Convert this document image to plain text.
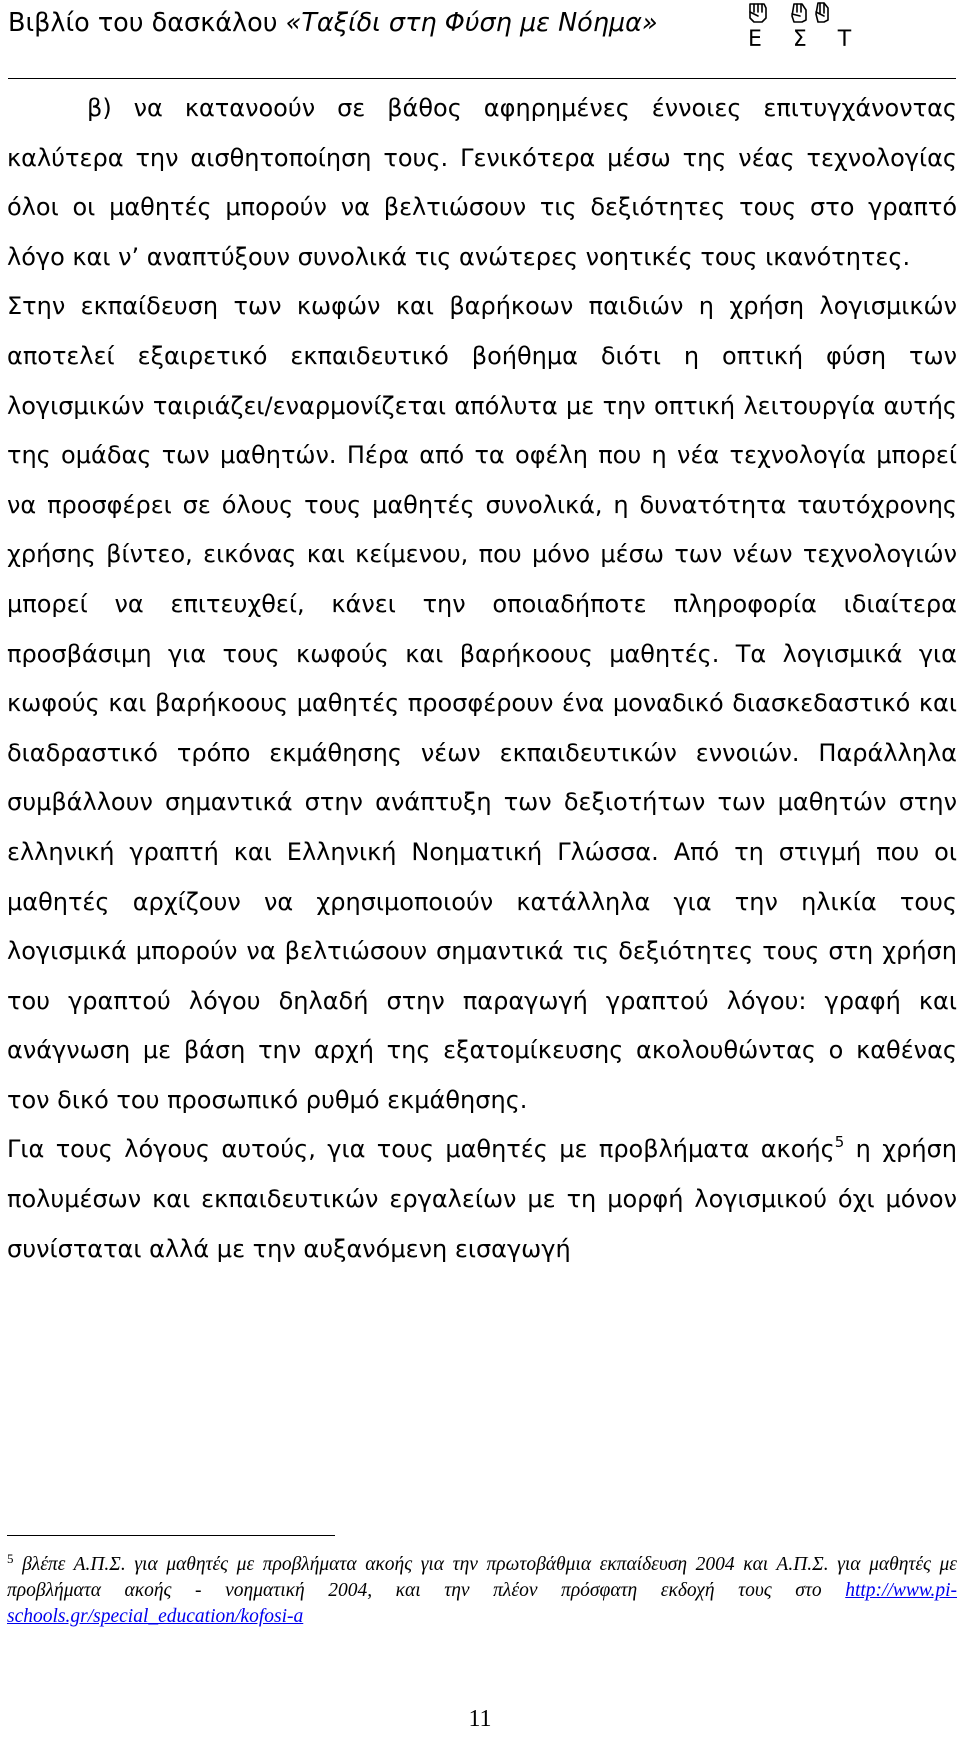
Βιβλίο του δασκάλου «Ταξίδι στη Φύση με Νόημα»
Ε Σ Τ

β) να κατανοούν σε βάθος αφηρημένες έννοιες επιτυγχάνοντας καλύτερα την αισθητοποίηση τους. Γενικότερα μέσω της νέας τεχνολογίας όλοι οι μαθητές μπορούν να βελτιώσουν τις δεξιότητες τους στο γραπτό λόγο και ν’ αναπτύξουν συνολικά τις ανώτερες νοητικές τους ικανότητες.

Στην εκπαίδευση των κωφών και βαρήκοων παιδιών η χρήση λογισμικών αποτελεί εξαιρετικό εκπαιδευτικό βοήθημα διότι η οπτική φύση των λογισμικών ταιριάζει/εναρμονίζεται απόλυτα με την οπτική λειτουργία αυτής της ομάδας των μαθητών. Πέρα από τα οφέλη που η νέα τεχνολογία μπορεί να προσφέρει σε όλους τους μαθητές συνολικά, η δυνατότητα ταυτόχρονης χρήσης βίντεο, εικόνας και κείμενου, που μόνο μέσω των νέων τεχνολογιών μπορεί να επιτευχθεί, κάνει την οποιαδήποτε πληροφορία ιδιαίτερα προσβάσιμη για τους κωφούς και βαρήκοους μαθητές. Τα λογισμικά για κωφούς και βαρήκοους μαθητές προσφέρουν ένα μοναδικό διασκεδαστικό και διαδραστικό τρόπο εκμάθησης νέων εκπαιδευτικών εννοιών. Παράλληλα συμβάλλουν σημαντικά στην ανάπτυξη των δεξιοτήτων των μαθητών στην ελληνική γραπτή και Ελληνική Νοηματική Γλώσσα. Από τη στιγμή που οι μαθητές αρχίζουν να χρησιμοποιούν κατάλληλα για την ηλικία τους λογισμικά μπορούν να βελτιώσουν σημαντικά τις δεξιότητες τους στη χρήση του γραπτού λόγου δηλαδή στην παραγωγή γραπτού λόγου: γραφή και ανάγνωση με βάση την αρχή της εξατομίκευσης ακολουθώντας ο καθένας τον δικό του προσωπικό ρυθμό εκμάθησης.

Για τους λόγους αυτούς, για τους μαθητές με προβλήματα ακοής$^5$ η χρήση πολυμέσων και εκπαιδευτικών εργαλείων με τη μορφή λογισμικού όχι μόνον συνίσταται αλλά με την αυξανόμενη εισαγωγή

$^5$ βλέπε Α.Π.Σ. για μαθητές με προβλήματα ακοής για την πρωτοβάθμια εκπαίδευση 2004 και Α.Π.Σ. για μαθητές με προβλήματα ακοής - νοηματική 2004, και την πλέον πρόσφατη εκδοχή τους στο http://www.pi-schools.gr/special_education/kofosi-a
11
